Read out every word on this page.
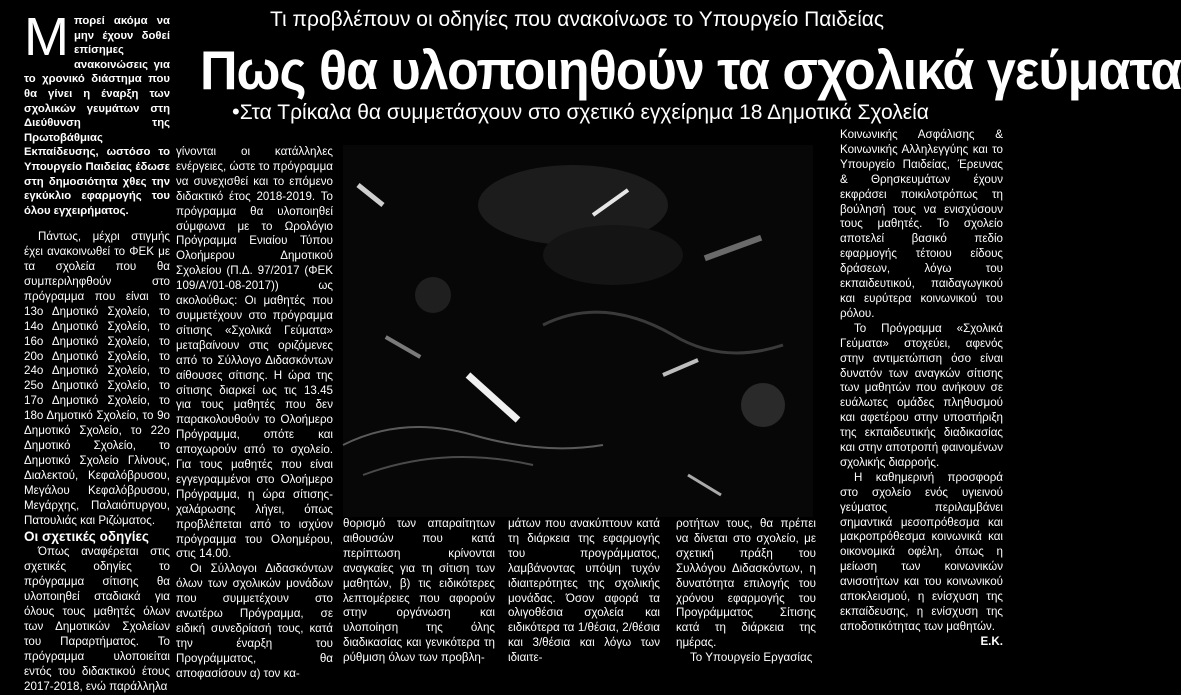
Τι προβλέπουν οι οδηγίες που ανακοίνωσε το Υπουργείο Παιδείας
Πως θα υλοποιηθούν τα σχολικά γεύματα
•Στα Τρίκαλα θα συμμετάσχουν στο σχετικό εγχείρημα 18 Δημοτικά Σχολεία

Μπορεί ακόμα να μην έχουν δοθεί επίσημες ανακοινώσεις για το χρονικό διάστημα που θα γίνει η έναρξη των σχολικών γευμάτων στη Διεύθυνση της Πρωτοβάθμιας Εκπαίδευσης, ωστόσο το Υπουργείο Παιδείας έδωσε στη δημοσιότητα χθες την εγκύκλιο εφαρμογής του όλου εγχειρήματος.

Πάντως, μέχρι στιγμής έχει ανακοινωθεί το ΦΕΚ με τα σχολεία που θα συμπεριληφθούν στο πρόγραμμα που είναι το 13ο Δημοτικό Σχολείο, το 14ο Δημοτικό Σχολείο, το 16ο Δημοτικό Σχολείο, το 20ο Δημοτικό Σχολείο, το 24ο Δημοτικό Σχολείο, το 25ο Δημοτικό Σχολείο, το 17ο Δημοτικό Σχολείο, το 18ο Δημοτικό Σχολείο, το 9ο Δημοτικό Σχολείο, το 22ο Δημοτικό Σχολείο, το Δημοτικό Σχολείο Γλίνους, Διαλεκτού, Κεφαλόβρυσου, Μεγάλου Κεφαλόβρυσου, Μεγάρχης, Παλαιόπυργου, Πατουλιάς και Ριζώματος.

Οι σχετικές οδηγίες

Όπως αναφέρεται στις σχετικές οδηγίες το πρόγραμμα σίτισης θα υλοποιηθεί σταδιακά για όλους τους μαθητές όλων των Δημοτικών Σχολείων του Παραρτήματος. Το πρόγραμμα υλοποιείται εντός του διδακτικού έτους 2017-2018, ενώ παράλληλα

γίνονται οι κατάλληλες ενέργειες, ώστε το πρόγραμμα να συνεχισθεί και το επόμενο διδακτικό έτος 2018-2019. Το πρόγραμμα θα υλοποιηθεί σύμφωνα με το Ωρολόγιο Πρόγραμμα Ενιαίου Τύπου Ολοήμερου Δημοτικού Σχολείου (Π.Δ. 97/2017 (ΦΕΚ 109/Α'/01-08-2017)) ως ακολούθως: Οι μαθητές που συμμετέχουν στο πρόγραμμα σίτισης «Σχολικά Γεύματα» μεταβαίνουν στις οριζόμενες από το Σύλλογο Διδασκόντων αίθουσες σίτισης. Η ώρα της σίτισης διαρκεί ως τις 13.45 για τους μαθητές που δεν παρακολουθούν το Ολοήμερο Πρόγραμμα, οπότε και αποχωρούν από το σχολείο. Για τους μαθητές που είναι εγγεγραμμένοι στο Ολοήμερο Πρόγραμμα, η ώρα σίτισης-χαλάρωσης λήγει, όπως προβλέπεται από το ισχύον πρόγραμμα του Ολοημέρου, στις 14.00.

Οι Σύλλογοι Διδασκόντων όλων των σχολικών μονάδων που συμμετέχουν στο ανωτέρω Πρόγραμμα, σε ειδική συνεδρίασή τους, κατά την έναρξη του Προγράμματος, θα αποφασίσουν α) τον κα-

θορισμό των απαραίτητων αιθουσών που κατά περίπτωση κρίνονται αναγκαίες για τη σίτιση των μαθητών, β) τις ειδικότερες λεπτομέρειες που αφορούν στην οργάνωση και υλοποίηση της όλης διαδικασίας και γενικότερα τη ρύθμιση όλων των προβλη-

μάτων που ανακύπτουν κατά τη διάρκεια της εφαρμογής του προγράμματος, λαμβάνοντας υπόψη τυχόν ιδιαιτερότητες της σχολικής μονάδας. Όσον αφορά τα ολιγοθέσια σχολεία και ειδικότερα τα 1/θέσια, 2/θέσια και 3/θέσια και λόγω των ιδιαιτε-

ροτήτων τους, θα πρέπει να δίνεται στο σχολείο, με σχετική πράξη του Συλλόγου Διδασκόντων, η δυνατότητα επιλογής του χρόνου εφαρμογής του Προγράμματος Σίτισης κατά τη διάρκεια της ημέρας.

Το Υπουργείο Εργασίας

Κοινωνικής Ασφάλισης & Κοινωνικής Αλληλεγγύης και το Υπουργείο Παιδείας, Έρευνας & Θρησκευμάτων έχουν εκφράσει ποικιλοτρόπως τη βούλησή τους να ενισχύσουν τους μαθητές. Το σχολείο αποτελεί βασικό πεδίο εφαρμογής τέτοιου είδους δράσεων, λόγω του εκπαιδευτικού, παιδαγωγικού και ευρύτερα κοινωνικού του ρόλου.

Το Πρόγραμμα «Σχολικά Γεύματα» στοχεύει, αφενός στην αντιμετώπιση όσο είναι δυνατόν των αναγκών σίτισης των μαθητών που ανήκουν σε ευάλωτες ομάδες πληθυσμού και αφετέρου στην υποστήριξη της εκπαιδευτικής διαδικασίας και στην αποτροπή φαινομένων σχολικής διαρροής.

Η καθημερινή προσφορά στο σχολείο ενός υγιεινού γεύματος περιλαμβάνει σημαντικά μεσοπρόθεσμα και μακροπρόθεσμα κοινωνικά και οικονομικά οφέλη, όπως η μείωση των κοινωνικών ανισοτήτων και του κοινωνικού αποκλεισμού, η ενίσχυση της εκπαίδευσης, η ενίσχυση της αποδοτικότητας των μαθητών.

Ε.Κ.
